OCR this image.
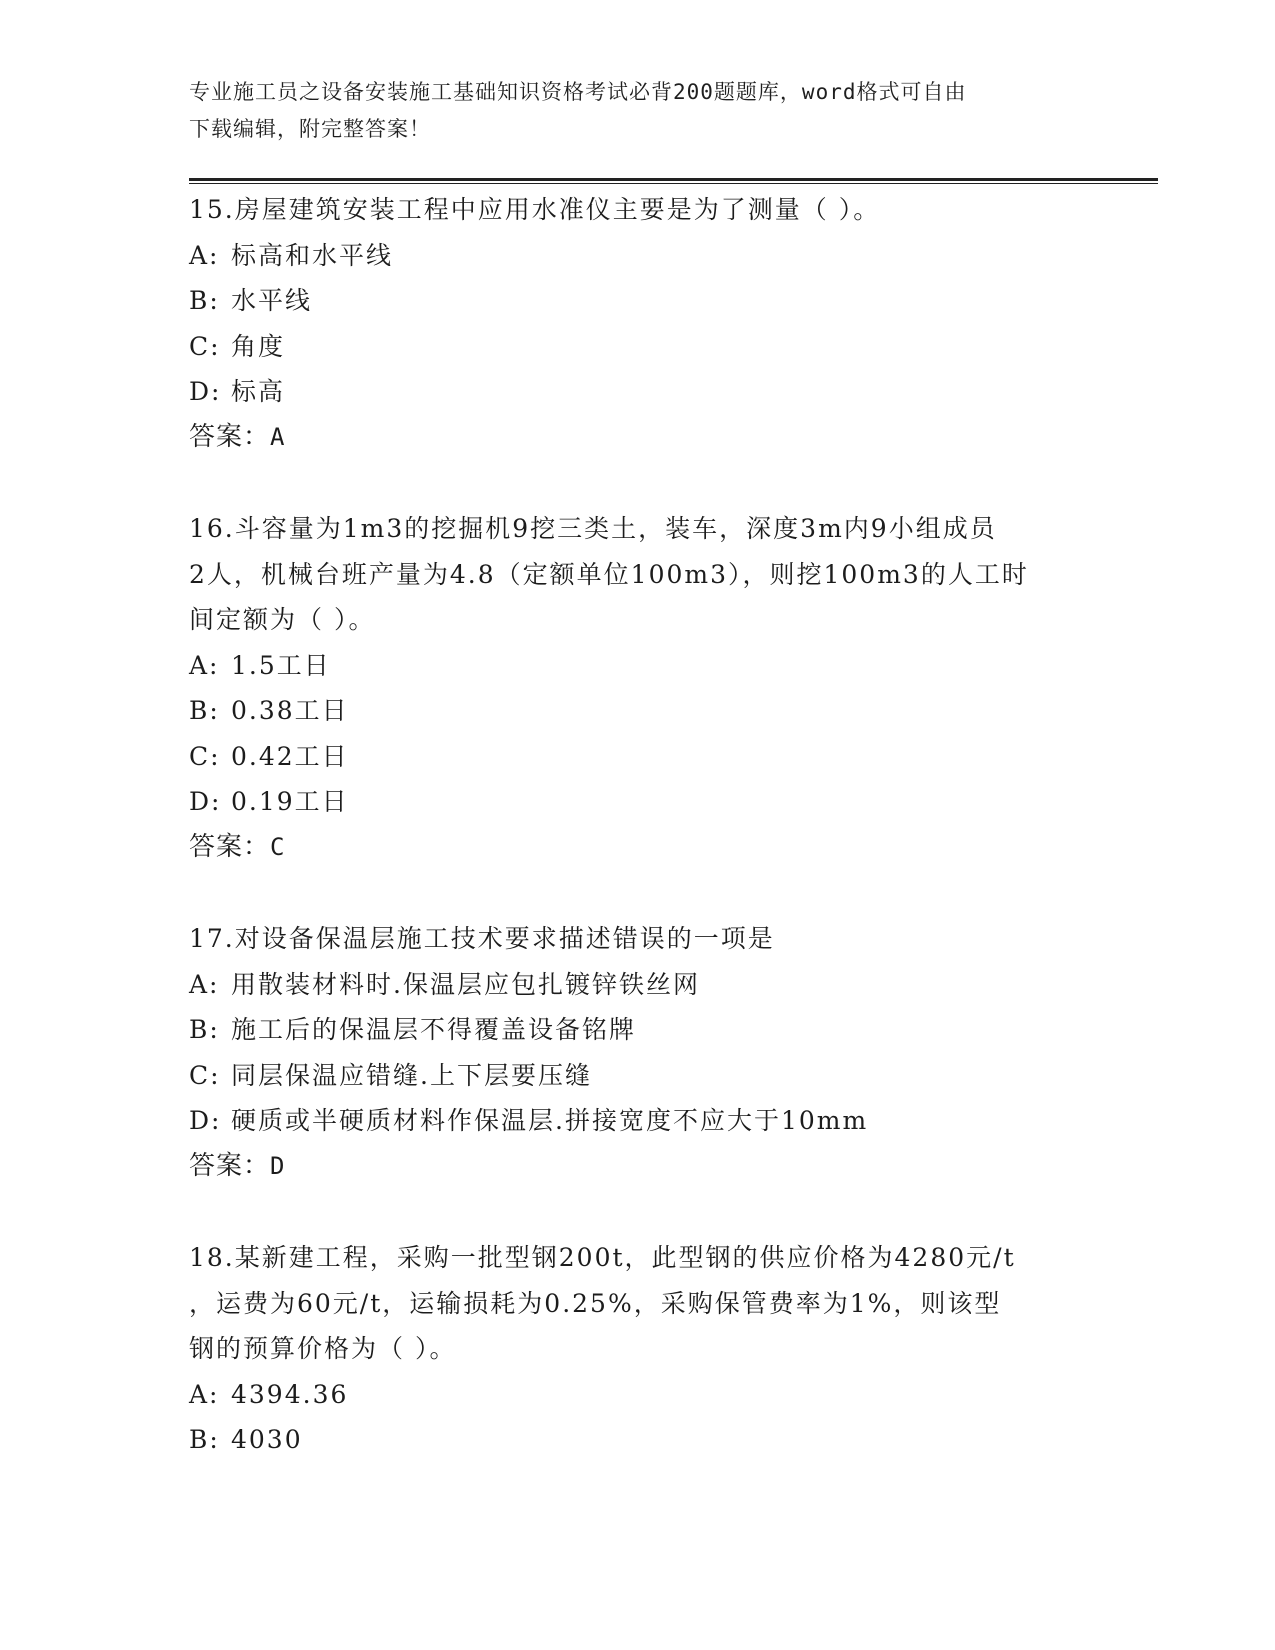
专业施工员之设备安装施工基础知识资格考试必背200题题库，word格式可自由
下载编辑，附完整答案！
15.房屋建筑安装工程中应用水准仪主要是为了测量（ ）。
A: 标高和水平线
B: 水平线
C: 角度
D: 标高
答案：A
16.斗容量为1m3的挖掘机9挖三类土，装车，深度3m内9小组成员
2人，机械台班产量为4.8（定额单位100m3），则挖100m3的人工时
间定额为（ ）。
A: 1.5工日
B: 0.38工日
C: 0.42工日
D: 0.19工日
答案：C
17.对设备保温层施工技术要求描述错误的一项是
A: 用散装材料时.保温层应包扎镀锌铁丝网
B: 施工后的保温层不得覆盖设备铭牌
C: 同层保温应错缝.上下层要压缝
D: 硬质或半硬质材料作保温层.拼接宽度不应大于10mm
答案：D
18.某新建工程，采购一批型钢200t，此型钢的供应价格为4280元/t
，运费为60元/t，运输损耗为0.25%，采购保管费率为1%，则该型
钢的预算价格为（ ）。
A: 4394.36
B: 4030
